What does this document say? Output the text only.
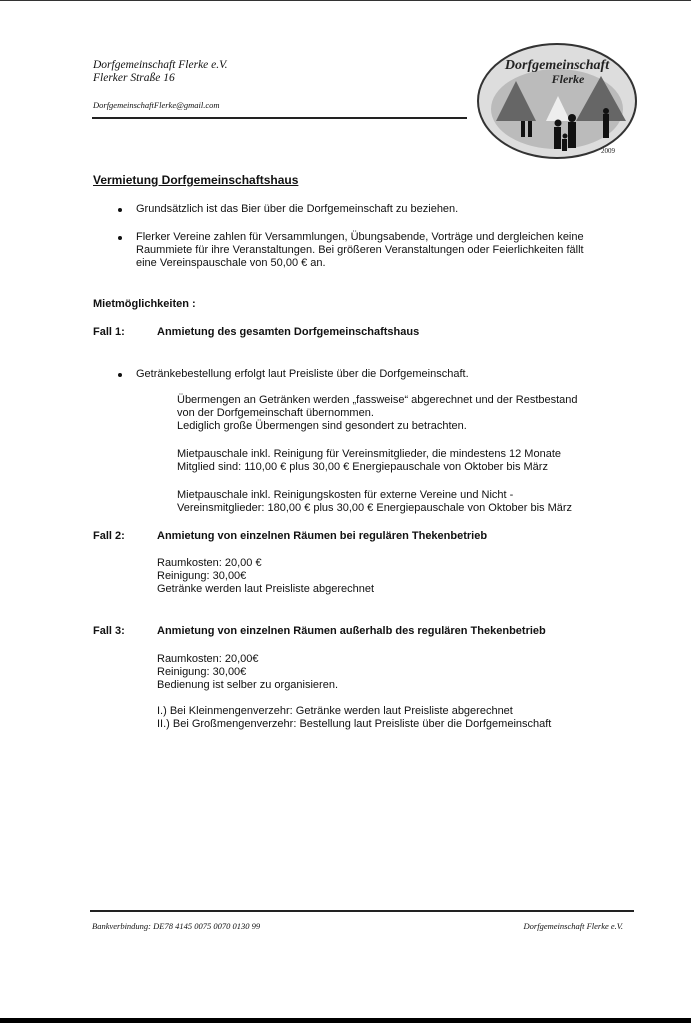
Dorfgemeinschaft Flerke e.V.
Flerker Straße 16
DorfgemeinschaftFlerke@gmail.com
Dorfgemeinschaft
Flerke
2009
Vermietung Dorfgemeinschaftshaus
Grundsätzlich ist das Bier über die Dorfgemeinschaft zu beziehen.
Flerker Vereine zahlen für Versammlungen, Übungsabende, Vorträge und dergleichen keine
Raummiete für ihre Veranstaltungen. Bei größeren Veranstaltungen oder Feierlichkeiten fällt
eine Vereinspauschale von 50,00 € an.
Mietmöglichkeiten :
Fall 1:	Anmietung des gesamten Dorfgemeinschaftshaus
Getränkebestellung erfolgt laut Preisliste über die Dorfgemeinschaft.
Übermengen an Getränken werden „fassweise“ abgerechnet und der Restbestand
von der Dorfgemeinschaft übernommen.
Lediglich große Übermengen sind gesondert zu betrachten.
Mietpauschale inkl. Reinigung für Vereinsmitglieder, die mindestens 12 Monate
Mitglied sind: 110,00 € plus 30,00 € Energiepauschale von Oktober bis März
Mietpauschale inkl. Reinigungskosten für externe Vereine und Nicht -
Vereinsmitglieder: 180,00 € plus 30,00 € Energiepauschale von Oktober bis März
Fall 2:	Anmietung von einzelnen Räumen bei regulären Thekenbetrieb
Raumkosten: 20,00 €
Reinigung: 30,00€
Getränke werden laut Preisliste abgerechnet
Fall 3:	Anmietung von einzelnen Räumen außerhalb des regulären Thekenbetrieb
Raumkosten: 20,00€
Reinigung: 30,00€
Bedienung ist selber zu organisieren.
I.) Bei Kleinmengenverzehr: Getränke werden laut Preisliste abgerechnet
II.) Bei Großmengenverzehr: Bestellung laut Preisliste über die Dorfgemeinschaft
Bankverbindung: DE78 4145 0075 0070 0130 99	Dorfgemeinschaft Flerke e.V.
